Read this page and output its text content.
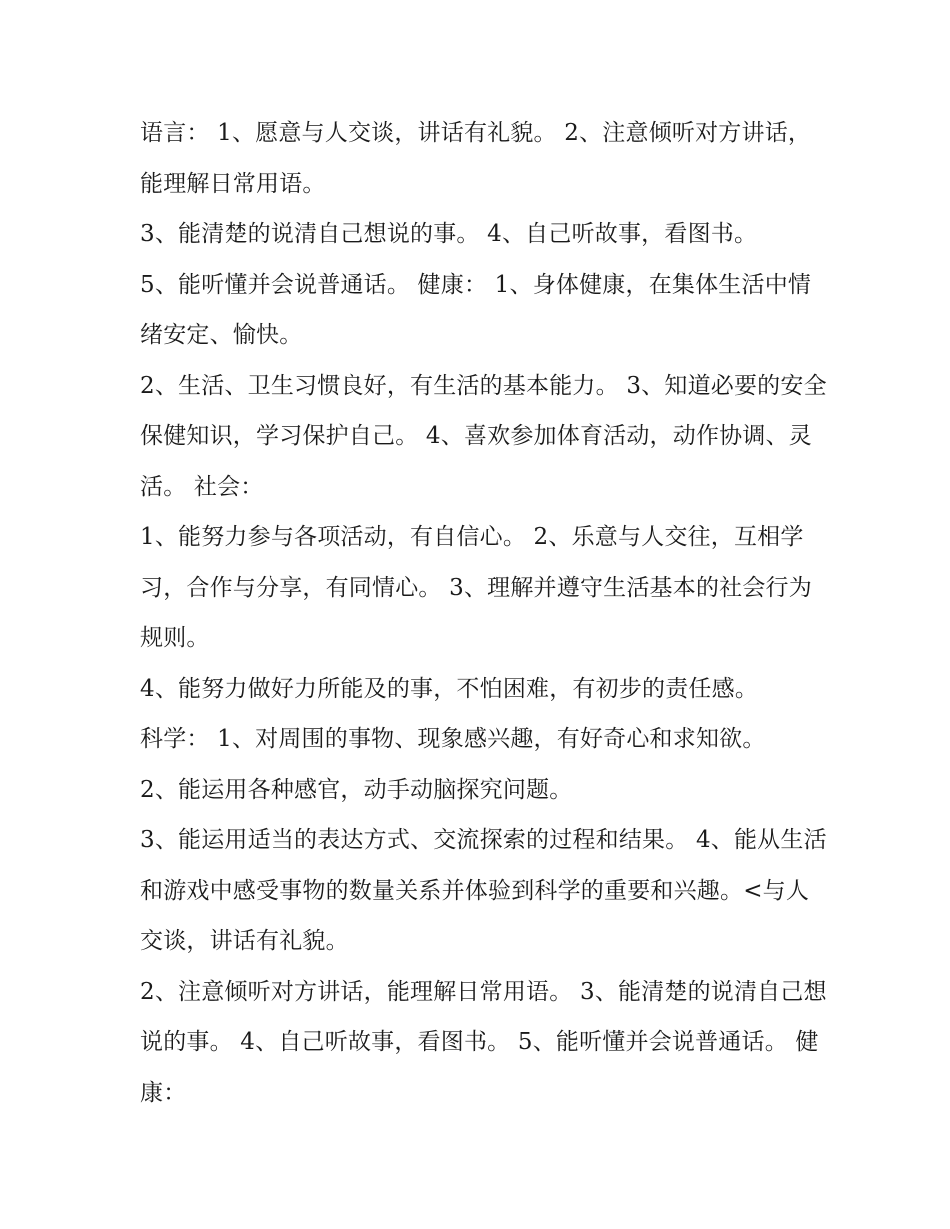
语言： 1、愿意与人交谈，讲话有礼貌。 2、注意倾听对方讲话，能理解日常用语。

3、能清楚的说清自己想说的事。 4、自己听故事，看图书。

5、能听懂并会说普通话。 健康： 1、身体健康，在集体生活中情绪安定、愉快。

2、生活、卫生习惯良好，有生活的基本能力。 3、知道必要的安全保健知识，学习保护自己。 4、喜欢参加体育活动，动作协调、灵活。 社会：

1、能努力参与各项活动，有自信心。 2、乐意与人交往，互相学习，合作与分享，有同情心。 3、理解并遵守生活基本的社会行为规则。

4、能努力做好力所能及的事，不怕困难，有初步的责任感。

科学： 1、对周围的事物、现象感兴趣，有好奇心和求知欲。

2、能运用各种感官，动手动脑探究问题。

3、能运用适当的表达方式、交流探索的过程和结果。 4、能从生活和游戏中感受事物的数量关系并体验到科学的重要和兴趣。<与人交谈，讲话有礼貌。

2、注意倾听对方讲话，能理解日常用语。 3、能清楚的说清自己想说的事。 4、自己听故事，看图书。 5、能听懂并会说普通话。 健康：
